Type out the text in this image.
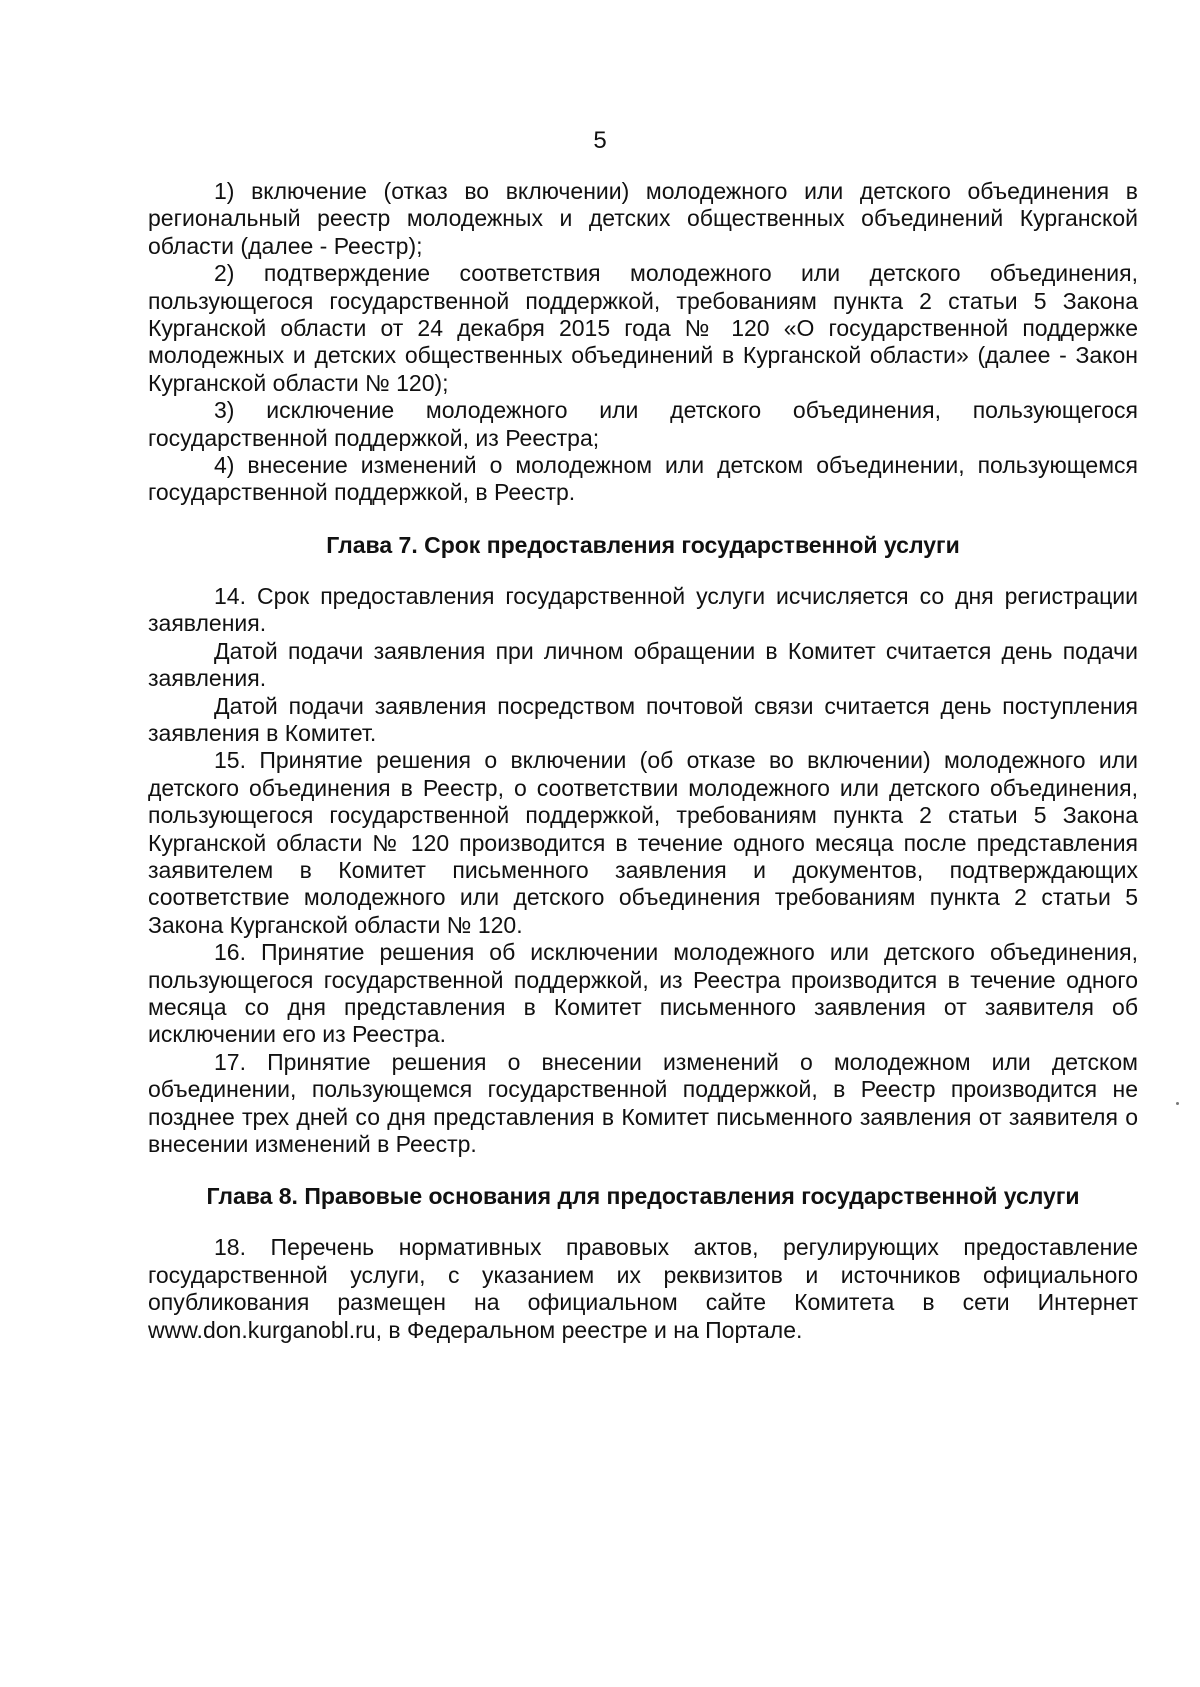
5

1) включение (отказ во включении) молодежного или детского объединения в региональный реестр молодежных и детских общественных объединений Курганской области (далее - Реестр);

2) подтверждение соответствия молодежного или детского объединения, пользующегося государственной поддержкой, требованиям пункта 2 статьи 5 Закона Курганской области от 24 декабря 2015 года № 120 «О государственной поддержке молодежных и детских общественных объединений в Курганской области» (далее - Закон Курганской области № 120);

3) исключение молодежного или детского объединения, пользующегося государственной поддержкой, из Реестра;

4) внесение изменений о молодежном или детском объединении, пользующемся государственной поддержкой, в Реестр.

Глава 7. Срок предоставления государственной услуги

14. Срок предоставления государственной услуги исчисляется со дня регистрации заявления.

Датой подачи заявления при личном обращении в Комитет считается день подачи заявления.

Датой подачи заявления посредством почтовой связи считается день поступления заявления в Комитет.

15. Принятие решения о включении (об отказе во включении) молодежного или детского объединения в Реестр, о соответствии молодежного или детского объединения, пользующегося государственной поддержкой, требованиям пункта 2 статьи 5 Закона Курганской области № 120 производится в течение одного месяца после представления заявителем в Комитет письменного заявления и документов, подтверждающих соответствие молодежного или детского объединения требованиям пункта 2 статьи 5 Закона Курганской области № 120.

16. Принятие решения об исключении молодежного или детского объединения, пользующегося государственной поддержкой, из Реестра производится в течение одного месяца со дня представления в Комитет письменного заявления от заявителя об исключении его из Реестра.

17. Принятие решения о внесении изменений о молодежном или детском объединении, пользующемся государственной поддержкой, в Реестр производится не позднее трех дней со дня представления в Комитет письменного заявления от заявителя о внесении изменений в Реестр.

Глава 8. Правовые основания для предоставления государственной услуги

18. Перечень нормативных правовых актов, регулирующих предоставление государственной услуги, с указанием их реквизитов и источников официального опубликования размещен на официальном сайте Комитета в сети Интернет www.don.kurganobl.ru, в Федеральном реестре и на Портале.
